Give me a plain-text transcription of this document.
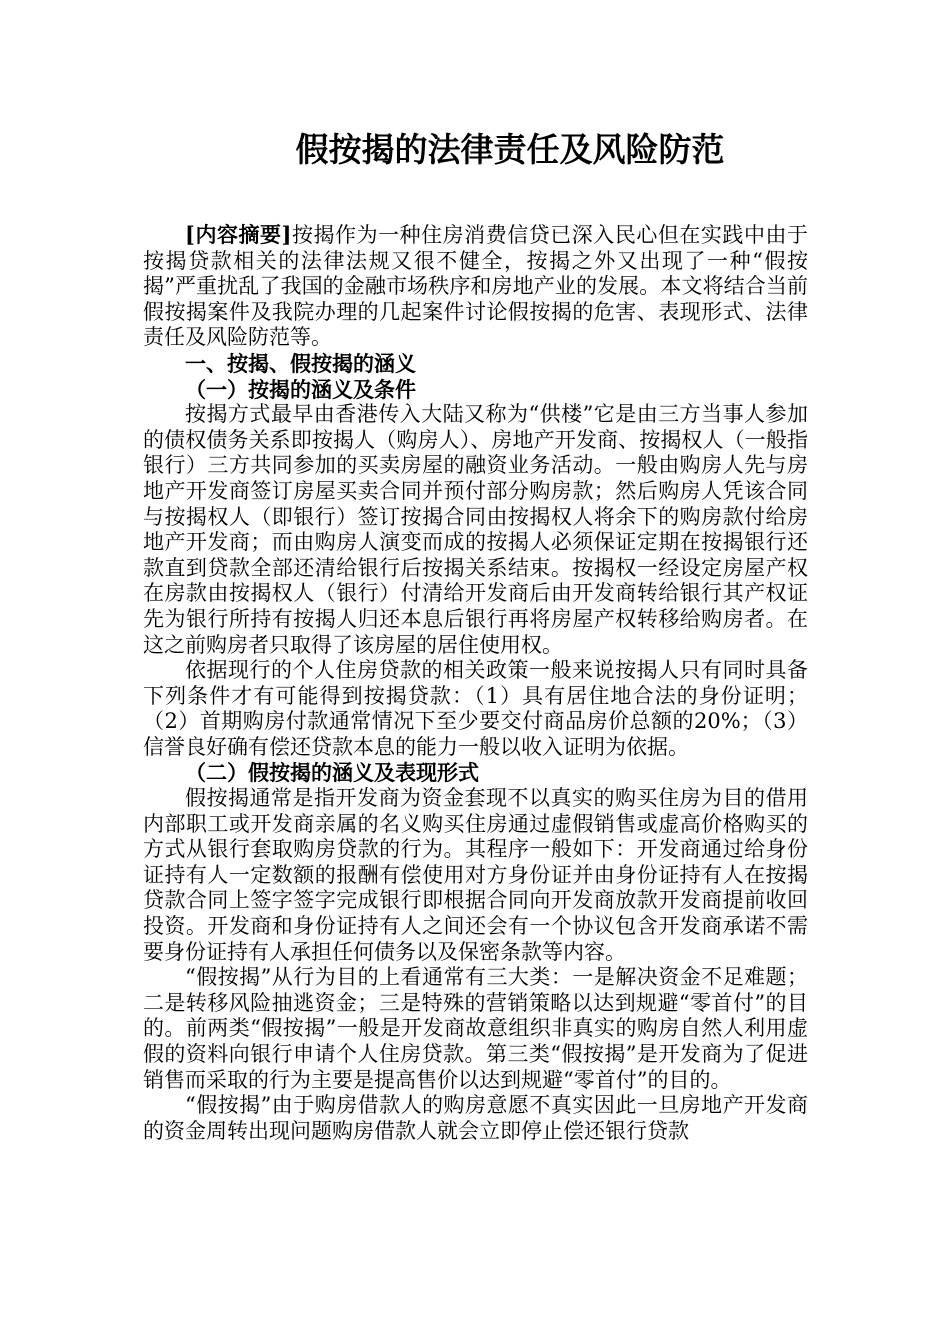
假按揭的法律责任及风险防范

[内容摘要]按揭作为一种住房消费信贷已深入民心但在实践中由于按揭贷款相关的法律法规又很不健全，按揭之外又出现了一种“假按揭”严重扰乱了我国的金融市场秩序和房地产业的发展。本文将结合当前假按揭案件及我院办理的几起案件讨论假按揭的危害、表现形式、法律责任及风险防范等。

一、按揭、假按揭的涵义

（一）按揭的涵义及条件

按揭方式最早由香港传入大陆又称为“供楼”它是由三方当事人参加的债权债务关系即按揭人（购房人）、房地产开发商、按揭权人（一般指银行）三方共同参加的买卖房屋的融资业务活动。一般由购房人先与房地产开发商签订房屋买卖合同并预付部分购房款；然后购房人凭该合同与按揭权人（即银行）签订按揭合同由按揭权人将余下的购房款付给房地产开发商；而由购房人演变而成的按揭人必须保证定期在按揭银行还款直到贷款全部还清给银行后按揭关系结束。按揭权一经设定房屋产权在房款由按揭权人（银行）付清给开发商后由开发商转给银行其产权证先为银行所持有按揭人归还本息后银行再将房屋产权转移给购房者。在这之前购房者只取得了该房屋的居住使用权。

依据现行的个人住房贷款的相关政策一般来说按揭人只有同时具备下列条件才有可能得到按揭贷款：（1）具有居住地合法的身份证明；（2）首期购房付款通常情况下至少要交付商品房价总额的20%；（3）信誉良好确有偿还贷款本息的能力一般以收入证明为依据。

（二）假按揭的涵义及表现形式

假按揭通常是指开发商为资金套现不以真实的购买住房为目的借用内部职工或开发商亲属的名义购买住房通过虚假销售或虚高价格购买的方式从银行套取购房贷款的行为。其程序一般如下：开发商通过给身份证持有人一定数额的报酬有偿使用对方身份证并由身份证持有人在按揭贷款合同上签字签字完成银行即根据合同向开发商放款开发商提前收回投资。开发商和身份证持有人之间还会有一个协议包含开发商承诺不需要身份证持有人承担任何债务以及保密条款等内容。

“假按揭”从行为目的上看通常有三大类：一是解决资金不足难题；二是转移风险抽逃资金；三是特殊的营销策略以达到规避“零首付”的目的。前两类“假按揭”一般是开发商故意组织非真实的购房自然人利用虚假的资料向银行申请个人住房贷款。第三类“假按揭”是开发商为了促进销售而采取的行为主要是提高售价以达到规避“零首付”的目的。

“假按揭”由于购房借款人的购房意愿不真实因此一旦房地产开发商的资金周转出现问题购房借款人就会立即停止偿还银行贷款
